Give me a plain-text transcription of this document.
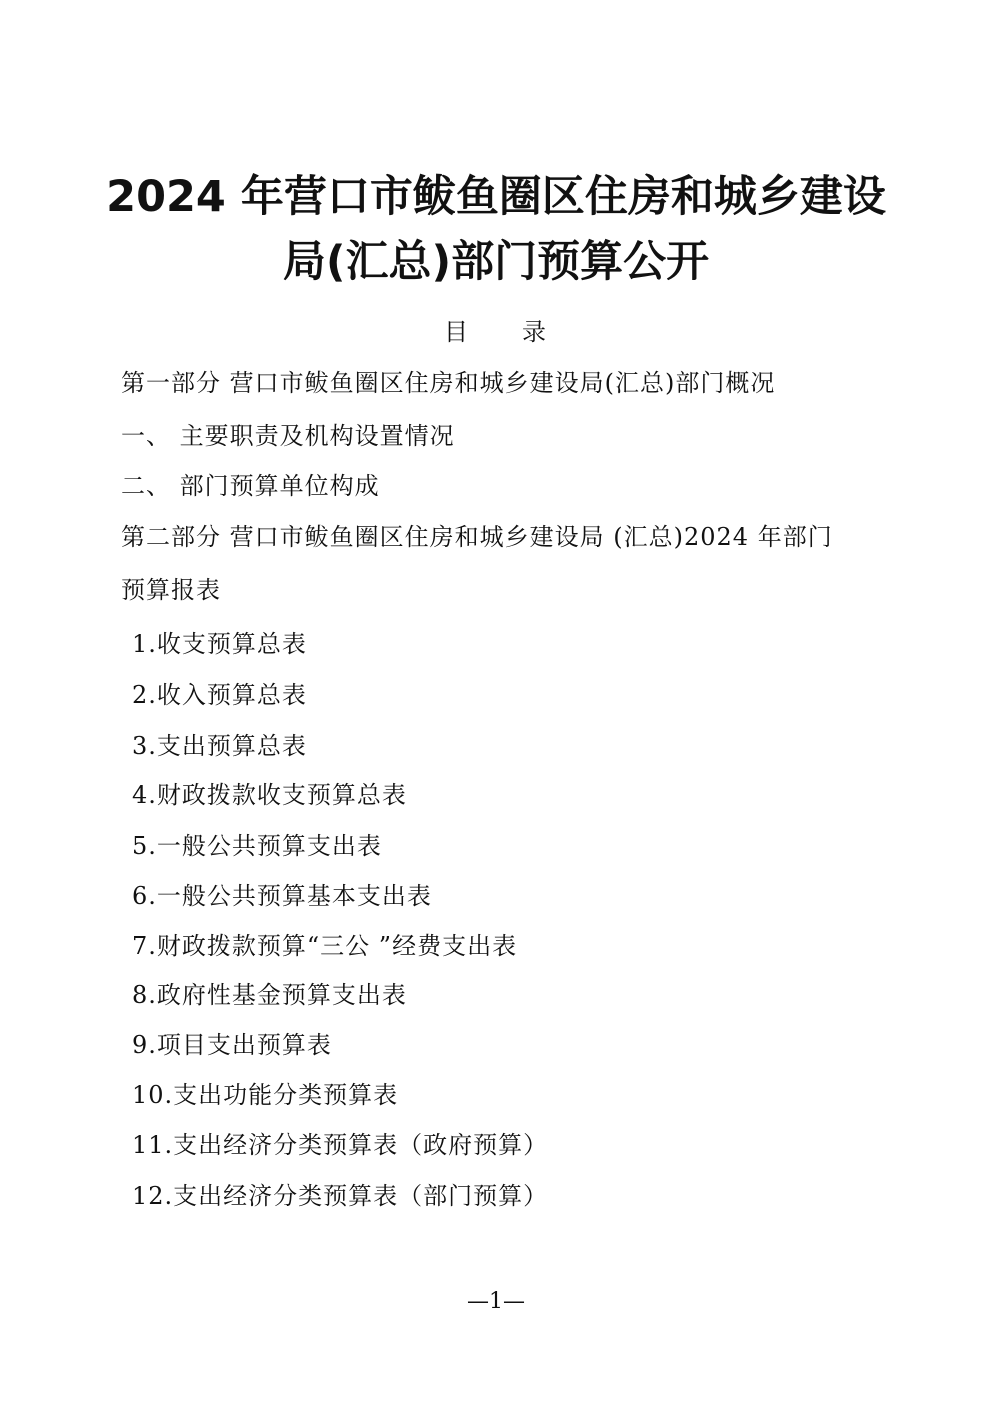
2024 年营口市鲅鱼圈区住房和城乡建设
局(汇总)部门预算公开
目　　录
第一部分 营口市鲅鱼圈区住房和城乡建设局(汇总)部门概况
一、 主要职责及机构设置情况
二、 部门预算单位构成
第二部分 营口市鲅鱼圈区住房和城乡建设局 (汇总)2024 年部门
预算报表
1.收支预算总表
2.收入预算总表
3.支出预算总表
4.财政拨款收支预算总表
5.一般公共预算支出表
6.一般公共预算基本支出表
7.财政拨款预算“三公 ”经费支出表
8.政府性基金预算支出表
9.项目支出预算表
10.支出功能分类预算表
11.支出经济分类预算表（政府预算）
12.支出经济分类预算表（部门预算）
—1—
